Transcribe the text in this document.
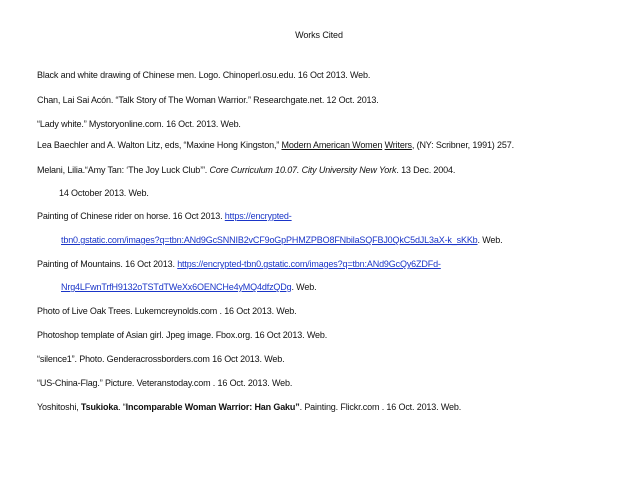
Works Cited
Black and white drawing of Chinese men. Logo. Chinoperl.osu.edu. 16 Oct 2013. Web.
Chan, Lai Sai Acón. “Talk Story of The Woman Warrior.” Researchgate.net. 12 Oct. 2013.
“Lady white.” Mystoryonline.com. 16 Oct. 2013. Web.
Lea Baechler and A. Walton Litz, eds, “Maxine Hong Kingston,” Modern American Women Writers, (NY: Scribner, 1991) 257.
Melani, Lilia.“Amy Tan: ‘The Joy Luck Club’”. Core Curriculum 10.07. City University New York. 13 Dec. 2004.
14 October 2013. Web.
Painting of Chinese rider on horse. 16 Oct 2013. https://encrypted-
tbn0.gstatic.com/images?q=tbn:ANd9GcSNNIB2vCF9oGpPHMZPBO8FNbilaSQFBJ0QkC5dJL3aX-k_sKKb. Web.
Painting of Mountains. 16 Oct 2013. https://encrypted-tbn0.gstatic.com/images?q=tbn:ANd9GcQy6ZDFd-
Nrg4LFwnTrfH9132oTSTdTWeXx6OENCHe4yMQ4dfzQDg. Web.
Photo of Live Oak Trees. Lukemcreynolds.com . 16 Oct 2013. Web.
Photoshop template of Asian girl. Jpeg image. Fbox.org. 16 Oct 2013. Web.
“silence1”. Photo. Genderacrossborders.com 16 Oct 2013. Web.
“US-China-Flag.” Picture. Veteranstoday.com . 16 Oct. 2013. Web.
Yoshitoshi, Tsukioka. “Incomparable Woman Warrior: Han Gaku”. Painting. Flickr.com . 16 Oct. 2013. Web.
